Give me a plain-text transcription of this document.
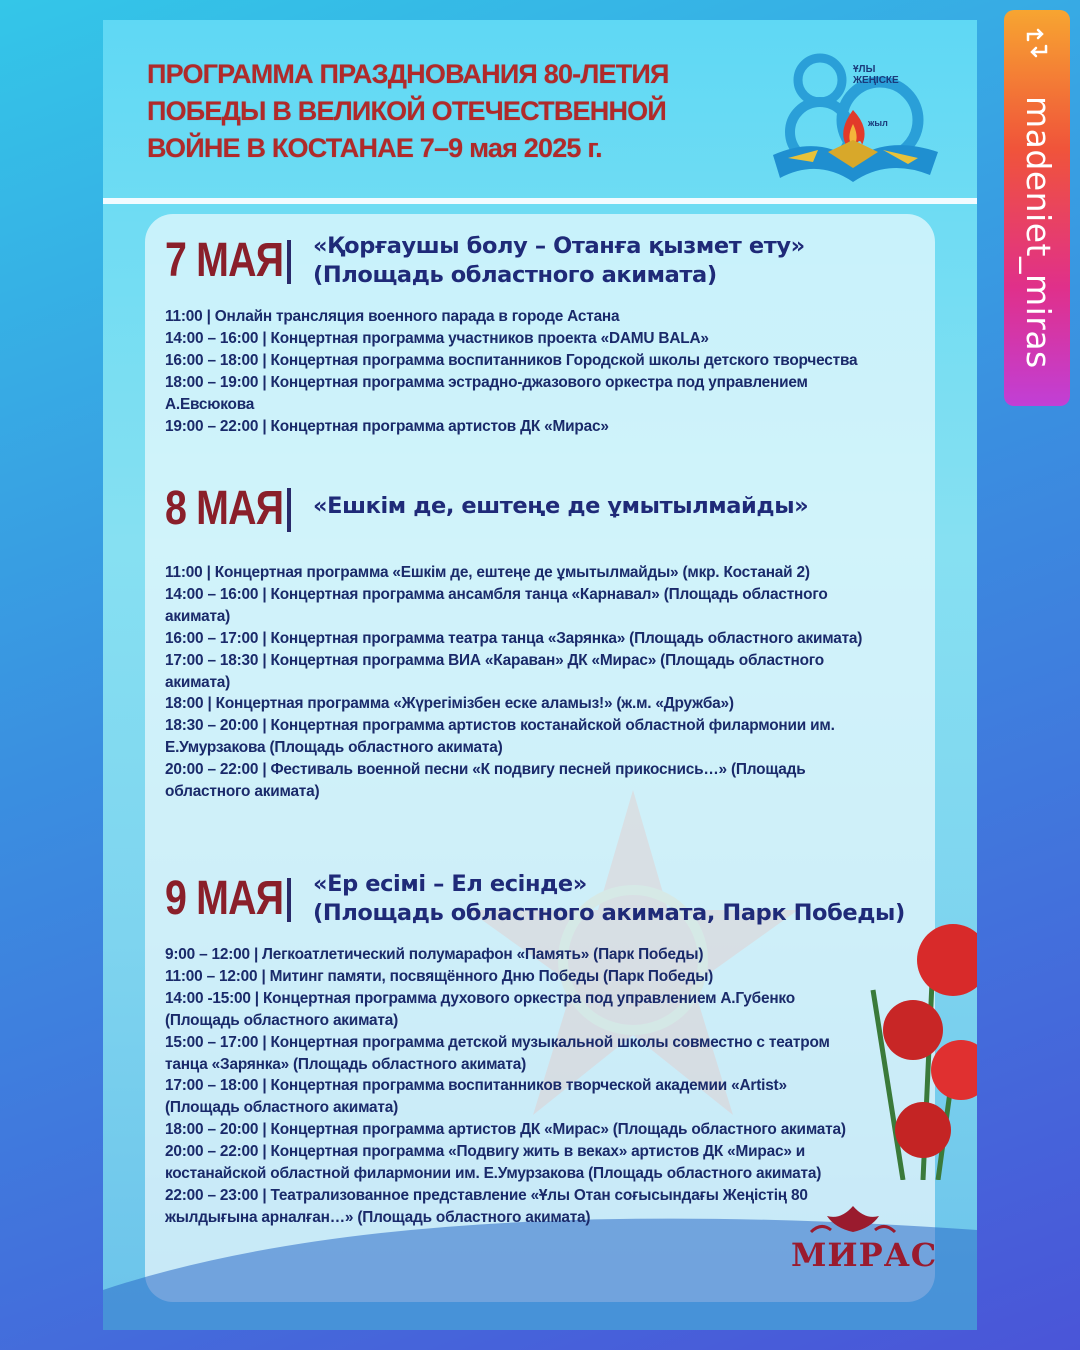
ПРОГРАММА ПРАЗДНОВАНИЯ 80-ЛЕТИЯ
ПОБЕДЫ В ВЕЛИКОЙ ОТЕЧЕСТВЕННОЙ
ВОЙНЕ В КОСТАНАЕ 7–9 мая 2025 г.
ҰЛЫ
ЖЕҢІСКЕ
жыл
7 МАЯ «Қорғаушы болу – Отанға қызмет ету»
(Площадь областного акимата)
11:00 | Онлайн трансляция военного парада в городе Астана
14:00 – 16:00 | Концертная программа участников проекта «DAMU BALA»
16:00 – 18:00 | Концертная программа воспитанников Городской школы детского творчества
18:00 – 19:00 | Концертная программа эстрадно-джазового оркестра под управлением А.Евсюкова
19:00 – 22:00 | Концертная программа артистов ДК «Мирас»
8 МАЯ «Ешкім де, ештеңе де ұмытылмайды»
11:00 | Концертная программа «Ешкім де, ештеңе де ұмытылмайды» (мкр. Костанай 2)
14:00 – 16:00 | Концертная программа ансамбля танца «Карнавал» (Площадь областного акимата)
16:00 – 17:00 | Концертная программа театра танца «Зарянка» (Площадь областного акимата)
17:00 – 18:30 | Концертная программа ВИА «Караван» ДК «Мирас» (Площадь областного акимата)
18:00 | Концертная программа «Жүрегімізбен еске аламыз!» (ж.м. «Дружба»)
18:30 – 20:00 | Концертная программа артистов костанайской областной филармонии им. Е.Умурзакова (Площадь областного акимата)
20:00 – 22:00 | Фестиваль военной песни «К подвигу песней прикоснись…» (Площадь областного акимата)
9 МАЯ «Ер есімі – Ел есінде»
(Площадь областного акимата, Парк Победы)
9:00 – 12:00 | Легкоатлетический полумарафон «Память» (Парк Победы)
11:00 – 12:00 | Митинг памяти, посвящённого Дню Победы (Парк Победы)
14:00 -15:00 | Концертная программа духового оркестра под управлением А.Губенко (Площадь областного акимата)
15:00 – 17:00 | Концертная программа детской музыкальной школы совместно с театром танца «Зарянка» (Площадь областного акимата)
17:00 – 18:00 | Концертная программа воспитанников творческой академии «Artist» (Площадь областного акимата)
18:00 – 20:00 | Концертная программа артистов ДК «Мирас» (Площадь областного акимата)
20:00 – 22:00 | Концертная программа «Подвигу жить в веках» артистов ДК «Мирас» и костанайской областной филармонии им. Е.Умурзакова (Площадь областного акимата)
22:00 – 23:00 | Театрализованное представление «Ұлы Отан соғысындағы Жеңістің 80 жылдығына арналған…» (Площадь областного акимата)
МИРАС
madeniet_miras
